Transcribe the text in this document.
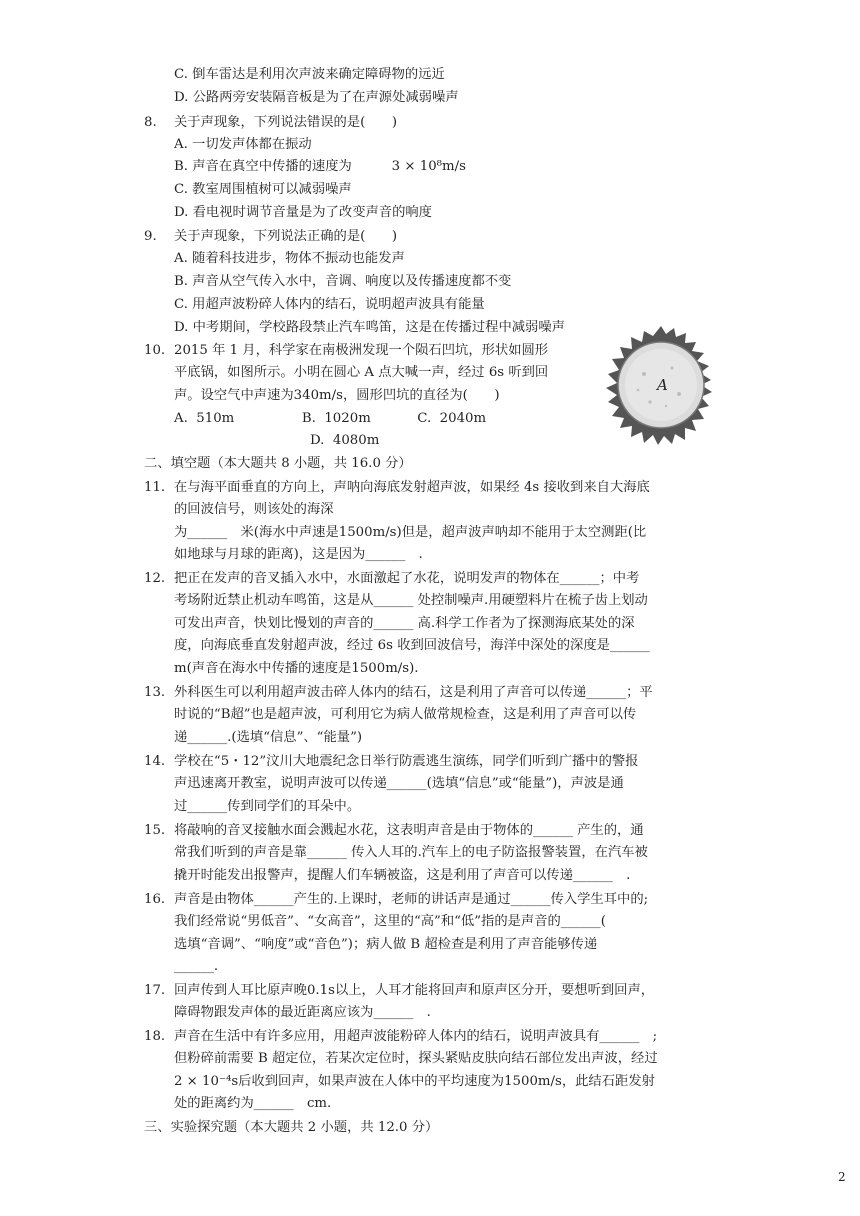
C. 倒车雷达是利用次声波来确定障碍物的远近
D. 公路两旁安装隔音板是为了在声源处减弱噪声
8. 关于声现象，下列说法错误的是(　　)
A. 一切发声体都在振动
B. 声音在真空中传播的速度为　　　3 × 10⁸m/s
C. 教室周围植树可以减弱噪声
D. 看电视时调节音量是为了改变声音的响度
9. 关于声现象，下列说法正确的是(　　)
A. 随着科技进步，物体不振动也能发声
B. 声音从空气传入水中，音调、响度以及传播速度都不变
C. 用超声波粉碎人体内的结石，说明超声波具有能量
D. 中考期间，学校路段禁止汽车鸣笛，这是在传播过程中减弱噪声
10. 2015 年 1 月，科学家在南极洲发现一个陨石凹坑，形状如圆形
平底锅，如图所示。小明在圆心 A 点大喊一声，经过 6s 听到回
声。设空气中声速为340m/s，圆形凹坑的直径为(　　)
A.  510m                B.  1020m           C.  2040m
D.  4080m
A
二、填空题（本大题共 8 小题，共 16.0 分）
11. 在与海平面垂直的方向上，声呐向海底发射超声波，如果经 4s 接收到来自大海底
的回波信号，则该处的海深
为______　米(海水中声速是1500m/s)但是，超声波声呐却不能用于太空测距(比
如地球与月球的距离)，这是因为______　.
12. 把正在发声的音叉插入水中，水面激起了水花，说明发声的物体在______；中考
考场附近禁止机动车鸣笛，这是从______ 处控制噪声.用硬塑料片在梳子齿上划动
可发出声音，快划比慢划的声音的______ 高.科学工作者为了探测海底某处的深
度，向海底垂直发射超声波，经过 6s 收到回波信号，海洋中深处的深度是______
m(声音在海水中传播的速度是1500m/s).
13. 外科医生可以利用超声波击碎人体内的结石，这是利用了声音可以传递______；平
时说的“B超”也是超声波，可利用它为病人做常规检查，这是利用了声音可以传
递______.(选填“信息”、“能量”)
14. 学校在“5・12”汶川大地震纪念日举行防震逃生演练，同学们听到广播中的警报
声迅速离开教室，说明声波可以传递______(选填“信息”或“能量”)，声波是通
过______传到同学们的耳朵中。
15. 将敲响的音叉接触水面会溅起水花，这表明声音是由于物体的______ 产生的，通
常我们听到的声音是靠______ 传入人耳的.汽车上的电子防盗报警装置，在汽车被
撬开时能发出报警声，提醒人们车辆被盗，这是利用了声音可以传递______　.
16. 声音是由物体______产生的.上课时，老师的讲话声是通过______传入学生耳中的;
我们经常说“男低音”、“女高音”，这里的“高”和“低”指的是声音的______(
选填“音调”、“响度”或“音色”)；病人做 B 超检查是利用了声音能够传递
______.
17. 回声传到人耳比原声晚0.1s以上，人耳才能将回声和原声区分开，要想听到回声，
障碍物跟发声体的最近距离应该为______　.
18. 声音在生活中有许多应用，用超声波能粉碎人体内的结石，说明声波具有______　;
但粉碎前需要 B 超定位，若某次定位时，探头紧贴皮肤向结石部位发出声波，经过
2 × 10⁻⁴s后收到回声，如果声波在人体中的平均速度为1500m/s，此结石距发射
处的距离约为______　cm.
三、实验探究题（本大题共 2 小题，共 12.0 分）
2
